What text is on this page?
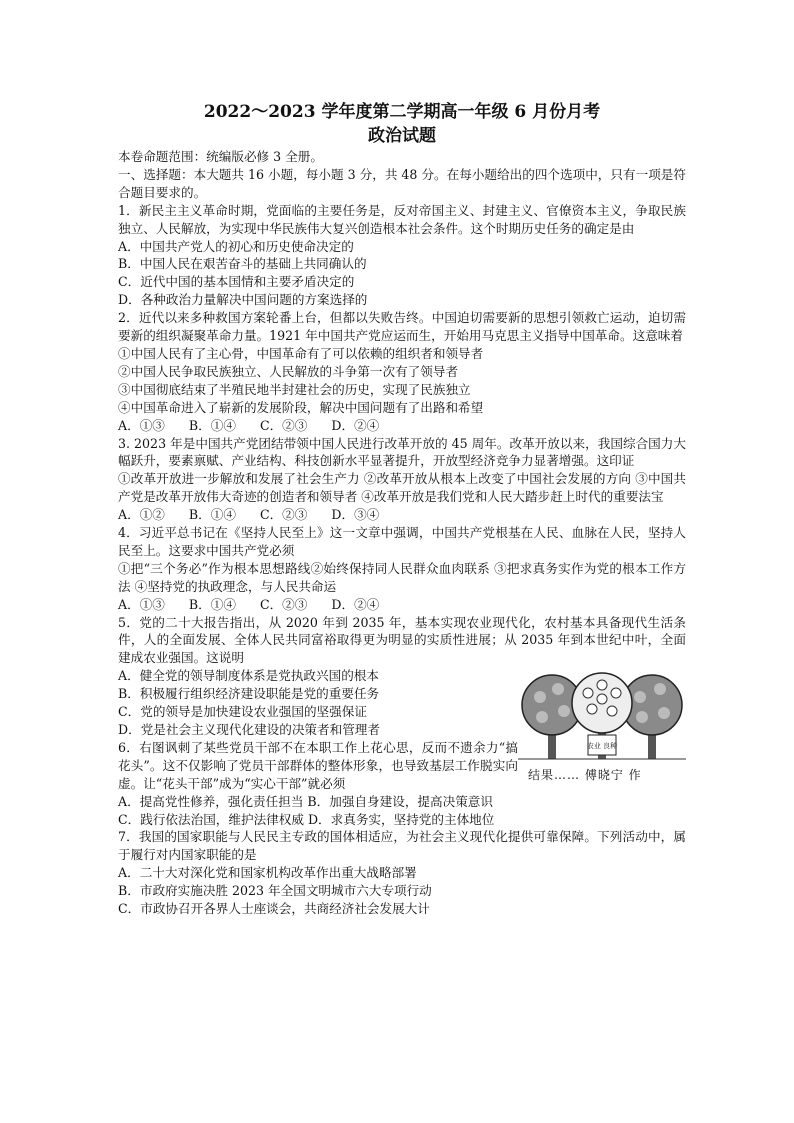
2022～2023 学年度第二学期高一年级 6 月份月考

政治试题

本卷命题范围：统编版必修 3 全册。

一、选择题：本大题共 16 小题，每小题 3 分，共 48 分。在每小题给出的四个选项中，只有一项是符合题目要求的。

1．新民主主义革命时期，党面临的主要任务是，反对帝国主义、封建主义、官僚资本主义，争取民族独立、人民解放，为实现中华民族伟大复兴创造根本社会条件。这个时期历史任务的确定是由

A．中国共产党人的初心和历史使命决定的

B．中国人民在艰苦奋斗的基础上共同确认的

C．近代中国的基本国情和主要矛盾决定的

D．各种政治力量解决中国问题的方案选择的

2．近代以来多种救国方案轮番上台，但都以失败告终。中国迫切需要新的思想引领救亡运动，迫切需要新的组织凝聚革命力量。1921 年中国共产党应运而生，开始用马克思主义指导中国革命。这意味着

①中国人民有了主心骨，中国革命有了可以依赖的组织者和领导者

②中国人民争取民族独立、人民解放的斗争第一次有了领导者

③中国彻底结束了半殖民地半封建社会的历史，实现了民族独立

④中国革命进入了崭新的发展阶段，解决中国问题有了出路和希望

A．①③      B．①④      C．②③      D．②④

3. 2023 年是中国共产党团结带领中国人民进行改革开放的 45 周年。改革开放以来，我国综合国力大幅跃升，要素禀赋、产业结构、科技创新水平显著提升，开放型经济竞争力显著增强。这印证

①改革开放进一步解放和发展了社会生产力 ②改革开放从根本上改变了中国社会发展的方向 ③中国共产党是改革开放伟大奇迹的创造者和领导者 ④改革开放是我们党和人民大踏步赶上时代的重要法宝

A．①②      B．①④      C．②③      D．③④

4．习近平总书记在《坚持人民至上》这一文章中强调，中国共产党根基在人民、血脉在人民，坚持人民至上。这要求中国共产党必须

①把“三个务必”作为根本思想路线②始终保持同人民群众血肉联系 ③把求真务实作为党的根本工作方法 ④坚持党的执政理念，与人民共命运

A．①③      B．①④      C．②③      D．②④

5．党的二十大报告指出，从 2020 年到 2035 年，基本实现农业现代化，农村基本具备现代生活条件，人的全面发展、全体人民共同富裕取得更为明显的实质性进展；从 2035 年到本世纪中叶，全面建成农业强国。这说明

A．健全党的领导制度体系是党执政兴国的根本

B．积极履行组织经济建设职能是党的重要任务

C．党的领导是加快建设农业强国的坚强保证

D．党是社会主义现代化建设的决策者和管理者

6．右图讽刺了某些党员干部不在本职工作上花心思，反而不遗余力“搞花头”。这不仅影响了党员干部群体的整体形象，也导致基层工作脱实向虚。让“花头干部”成为“实心干部”就必须

A．提高党性修养，强化责任担当 B．加强自身建设，提高决策意识

农业 良种
结果…… 傅晓宁 作

C．践行依法治国，维护法律权威 D．求真务实，坚持党的主体地位

7．我国的国家职能与人民民主专政的国体相适应，为社会主义现代化提供可靠保障。下列活动中，属于履行对内国家职能的是

A．二十大对深化党和国家机构改革作出重大战略部署

B．市政府实施决胜 2023 年全国文明城市六大专项行动

C．市政协召开各界人士座谈会，共商经济社会发展大计
